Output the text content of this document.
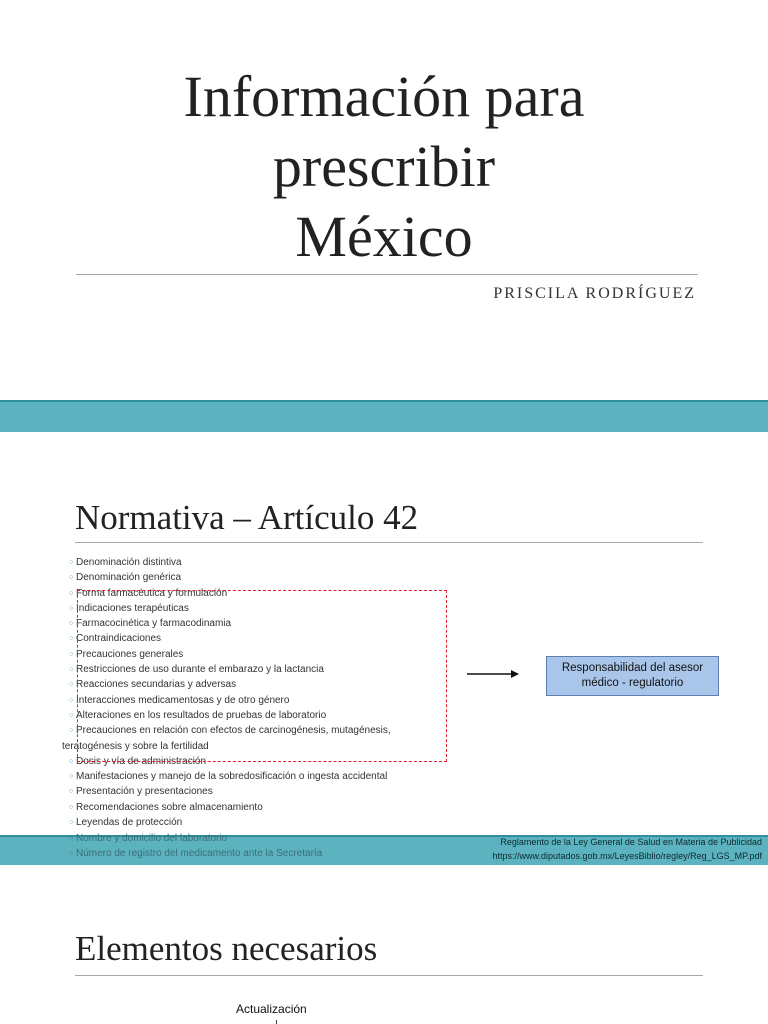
Información para
prescribir
México
PRISCILA RODRÍGUEZ
Normativa – Artículo 42
○ Denominación distintiva
○ Denominación genérica
○ Forma farmacéutica y formulación
○ Indicaciones terapéuticas
○ Farmacocinética y farmacodinamia
○ Contraindicaciones
○ Precauciones generales
○ Restricciones de uso durante el embarazo y la lactancia
○ Reacciones secundarias y adversas
○ Interacciones medicamentosas y de otro género
○ Alteraciones en los resultados de pruebas de laboratorio
○ Precauciones en relación con efectos de carcinogénesis, mutagénesis,
teratogénesis y sobre la fertilidad
○ Dosis y vía de administración
○ Manifestaciones y manejo de la sobredosificación o ingesta accidental
○ Presentación y presentaciones
○ Recomendaciones sobre almacenamiento
○ Leyendas de protección
Responsabilidad del asesor médico - regulatorio
○ Nombre y domicilio del laboratorio
○ Número de registro del medicamento ante la Secretaría
Reglamento de la Ley General de Salud en Materia de Publicidad
https://www.diputados.gob.mx/LeyesBiblio/regley/Reg_LGS_MP.pdf
Elementos necesarios
Actualización
